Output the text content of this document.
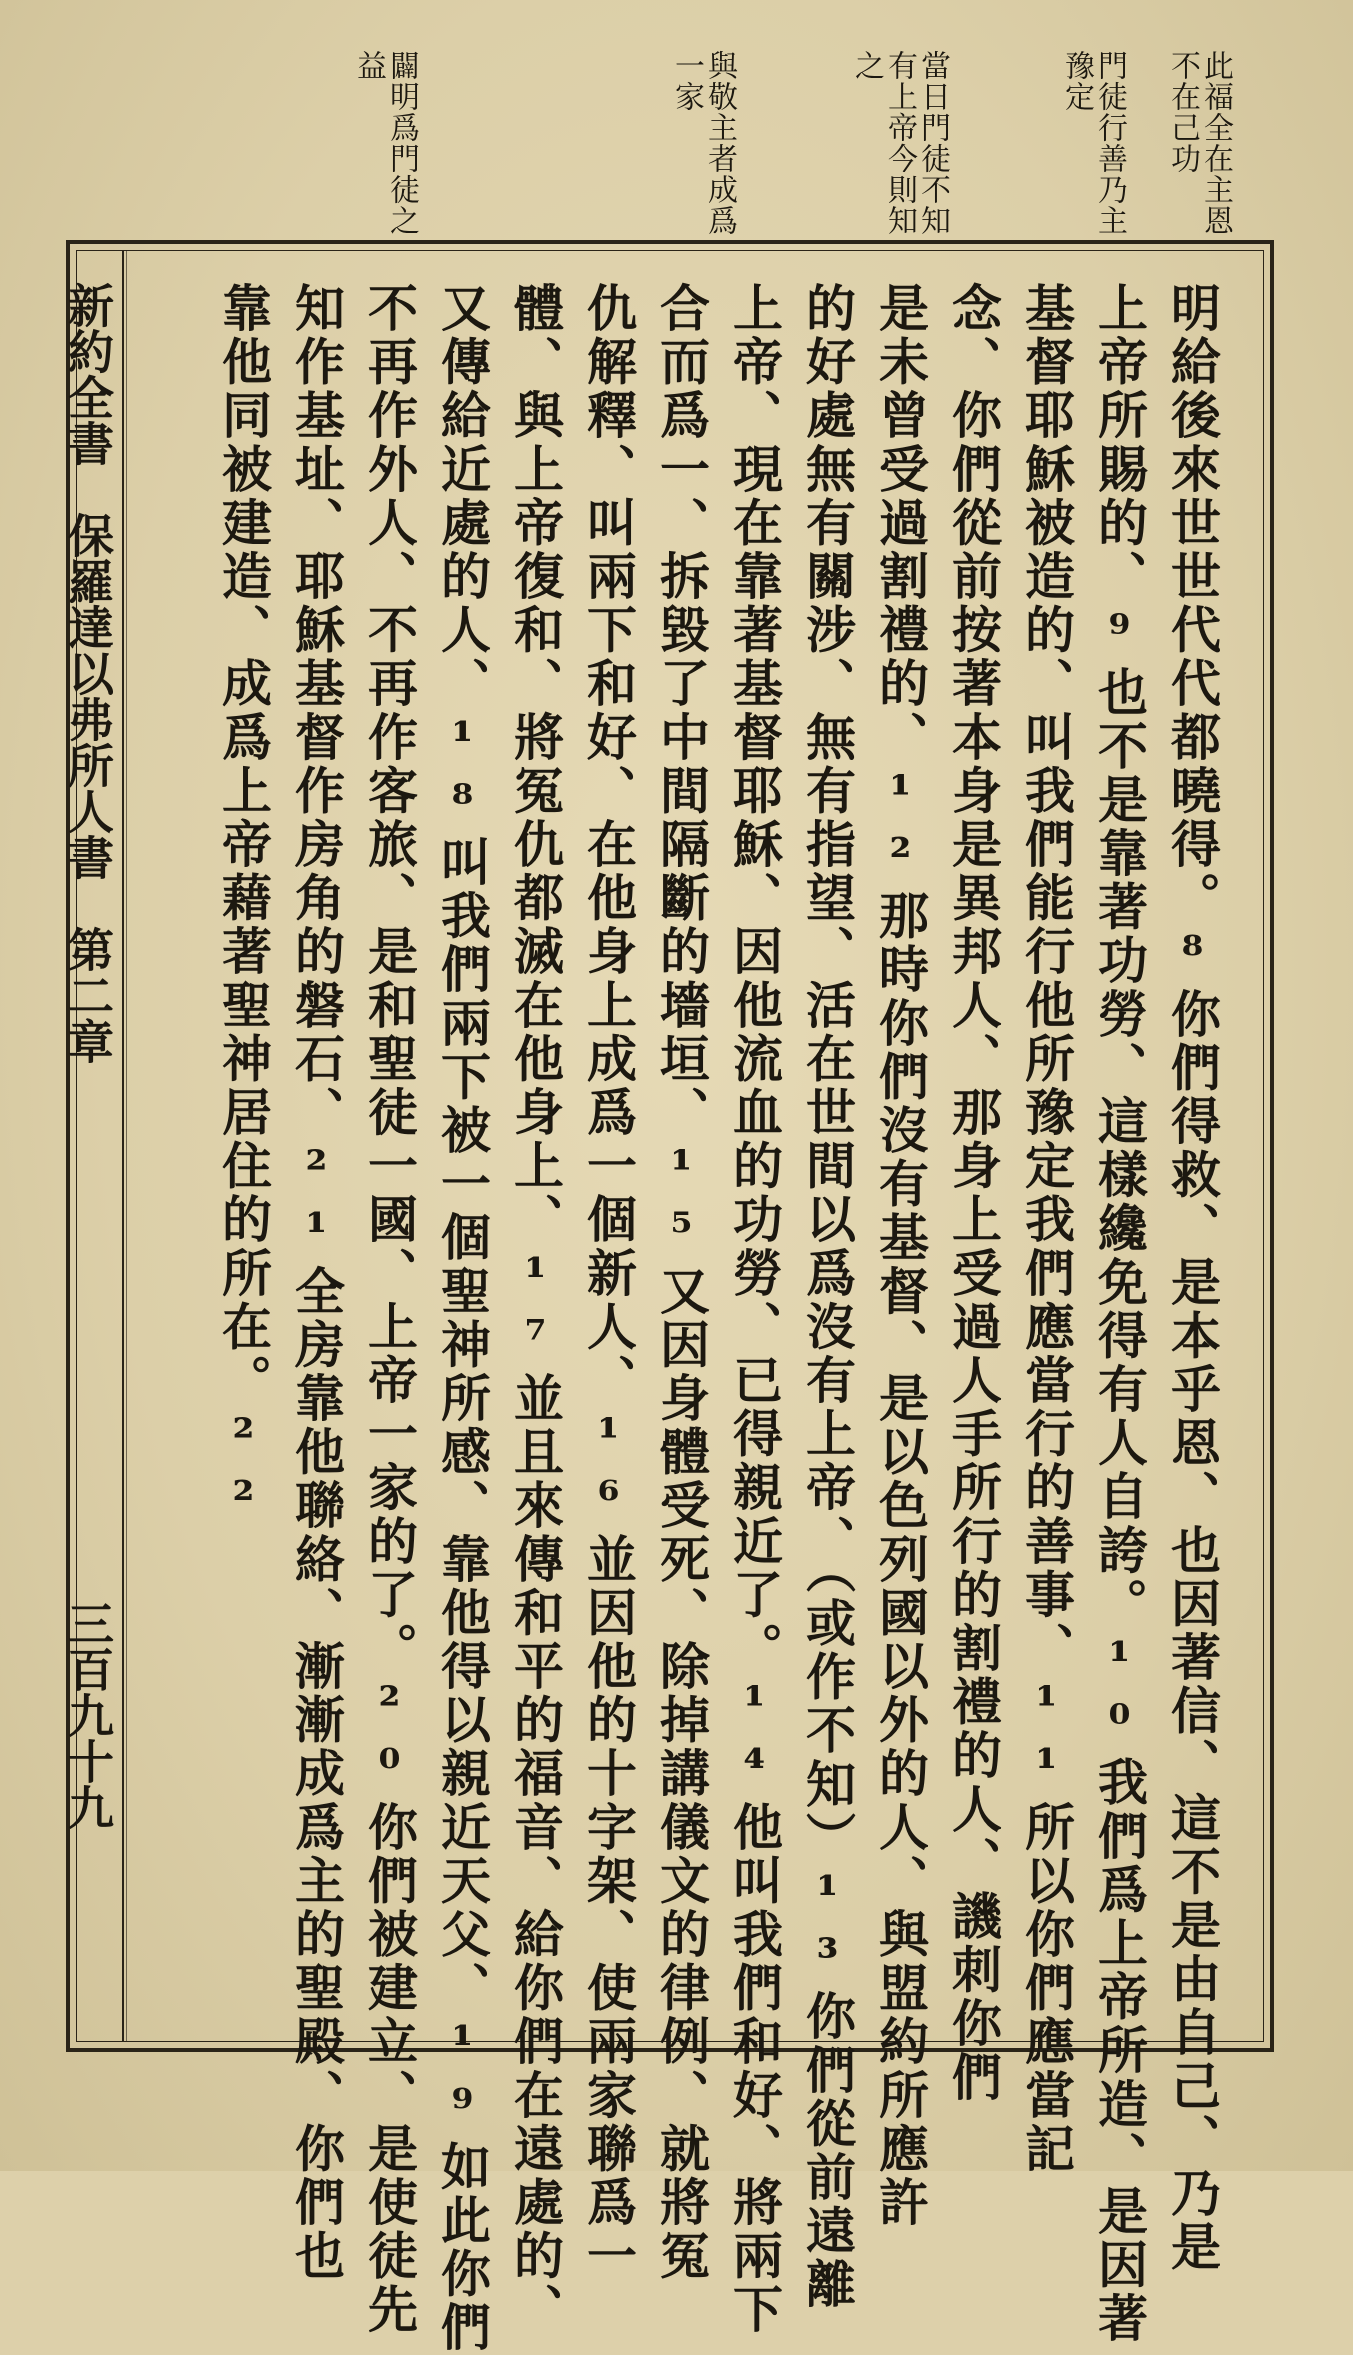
此福全在主恩不在己功
門徒行善乃主豫定
當日門徒不知有上帝今則知之
與敬主者成爲一家
闢明爲門徒之益
明給後來世世代代都曉得。⁸你們得救、是本乎恩、也因著信、這不是由自己、乃是
上帝所賜的、⁹也不是靠著功勞、這樣纔免得有人自誇。¹⁰我們爲上帝所造、是因著
基督耶穌被造的、叫我們能行他所豫定我們應當行的善事、¹¹所以你們應當記
念、你們從前按著本身是異邦人、那身上受過人手所行的割禮的人、譏刺你們
是未曾受過割禮的、¹²那時你們沒有基督、是以色列國以外的人、與盟約所應許
的好處無有關涉、無有指望、活在世間以爲沒有上帝、（或作不知）¹³你們從前遠離
上帝、現在靠著基督耶穌、因他流血的功勞、已得親近了。¹⁴他叫我們和好、將兩下
合而爲一、拆毀了中間隔斷的墻垣、¹⁵又因身體受死、除掉講儀文的律例、就將冤
仇解釋、叫兩下和好、在他身上成爲一個新人、¹⁶並因他的十字架、使兩家聯爲一
體、與上帝復和、將冤仇都滅在他身上、¹⁷並且來傳和平的福音、給你們在遠處的、
又傳給近處的人、¹⁸叫我們兩下被一個聖神所感、靠他得以親近天父、¹⁹如此你們
不再作外人、不再作客旅、是和聖徒一國、上帝一家的了。²⁰你們被建立、是使徒先
知作基址、耶穌基督作房角的磐石、²¹全房靠他聯絡、漸漸成爲主的聖殿、你們也
靠他同被建造、成爲上帝藉著聖神居住的所在。²²
新約全書　保羅達以弗所人書　第二章
三百九十九
